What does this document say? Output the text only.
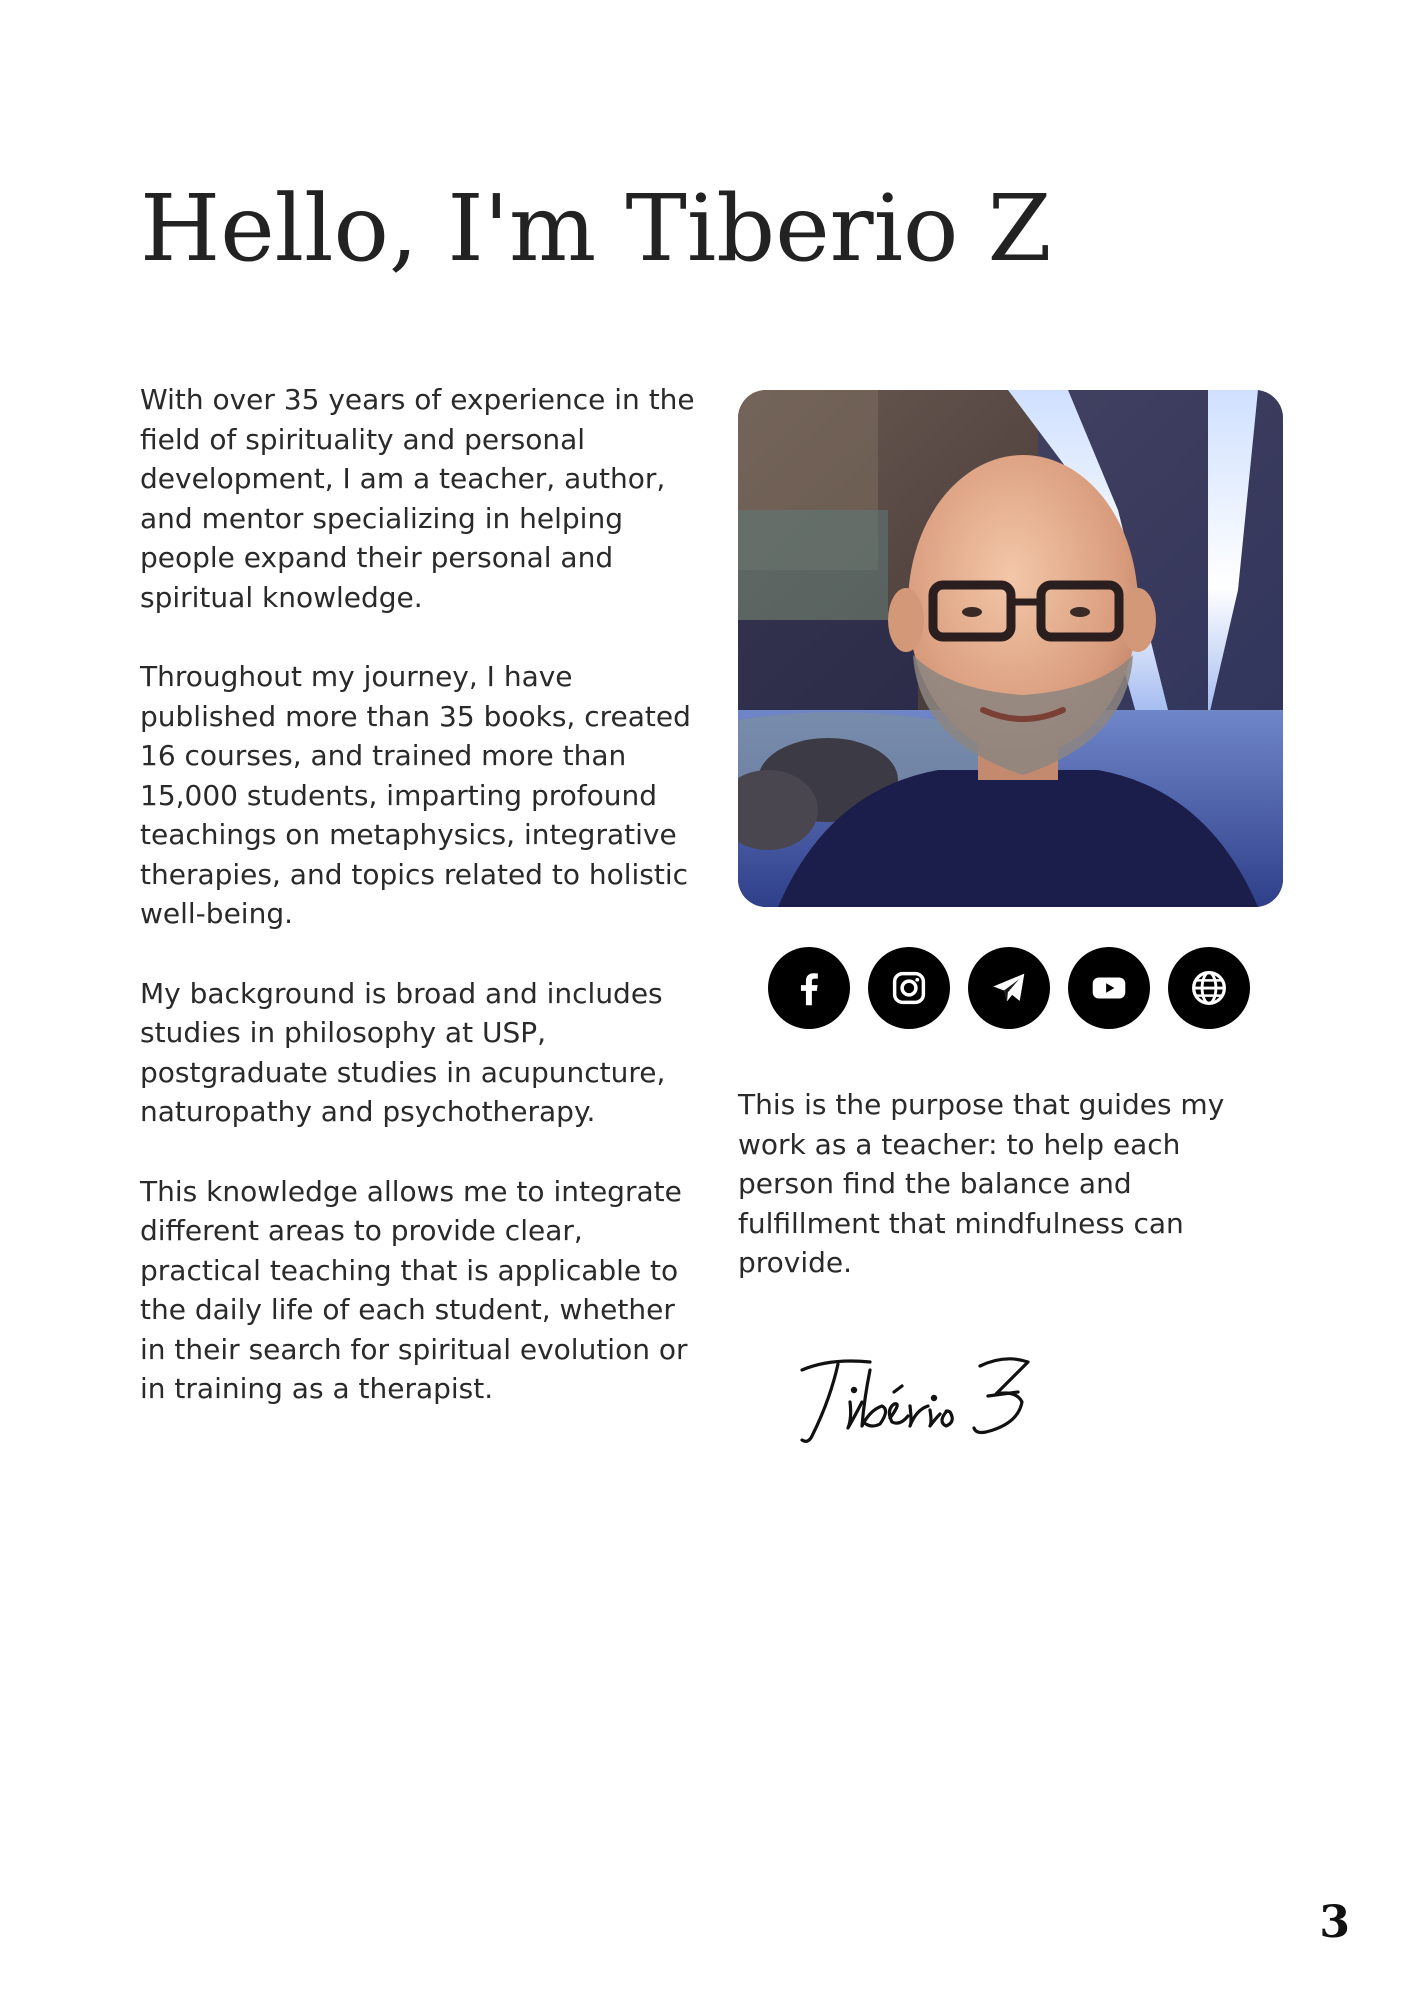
Hello, I'm Tiberio Z

With over 35 years of experience in the field of spirituality and personal development, I am a teacher, author, and mentor specializing in helping people expand their personal and spiritual knowledge.

Throughout my journey, I have published more than 35 books, created 16 courses, and trained more than 15,000 students, imparting profound teachings on metaphysics, integrative therapies, and topics related to holistic well-being.

My background is broad and includes studies in philosophy at USP, postgraduate studies in acupuncture, naturopathy and psychotherapy.

This knowledge allows me to integrate different areas to provide clear, practical teaching that is applicable to the daily life of each student, whether in their search for spiritual evolution or in training as a therapist.

This is the purpose that guides my work as a teacher: to help each person find the balance and fulfillment that mindfulness can provide.

3
